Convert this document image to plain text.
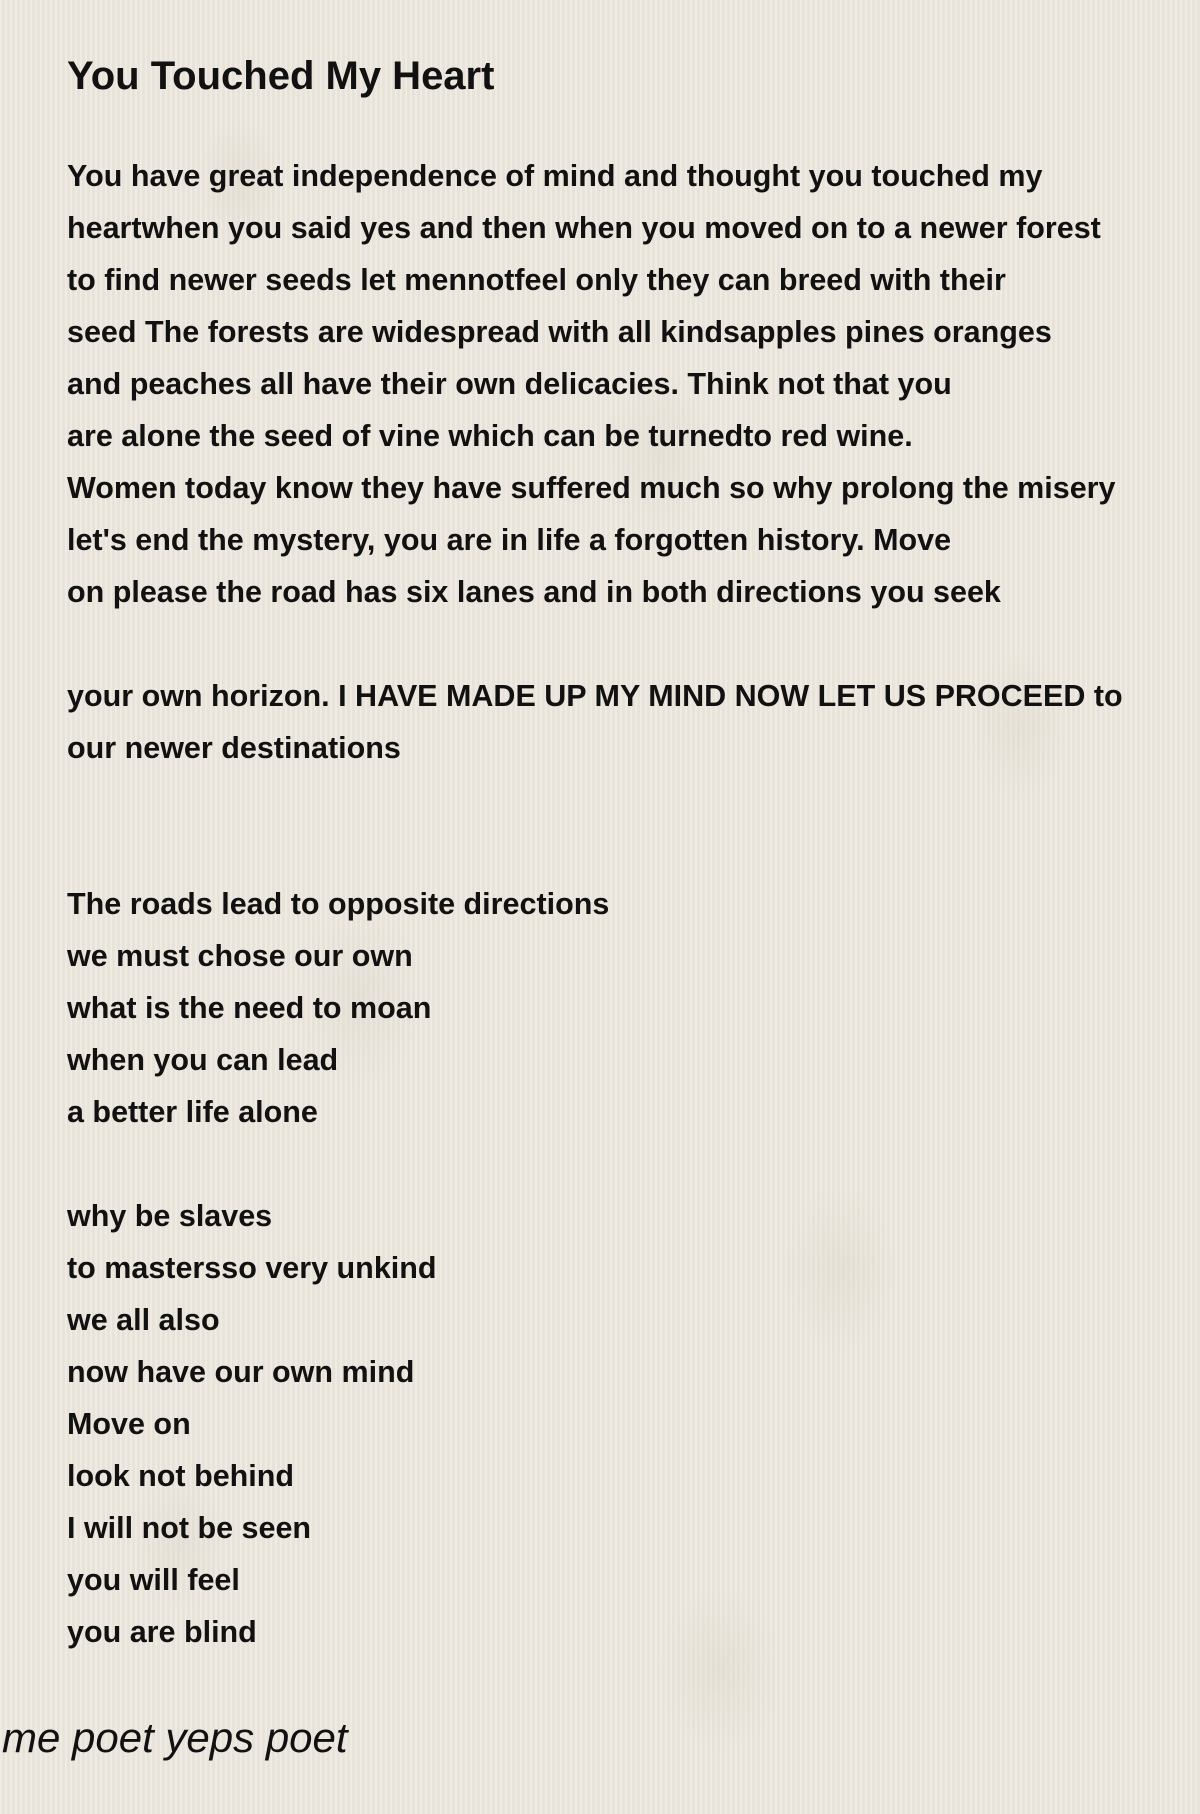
You Touched My Heart
You have great independence of mind and thought you touched my
heartwhen you said yes and then when you moved on to a newer forest
to find newer seeds let mennotfeel only they can breed with their
seed The forests are widespread with all kindsapples pines oranges
and peaches all have their own delicacies. Think not that you
are alone the seed of vine which can be turnedto red wine.
Women today know they have suffered much so why prolong the misery
let's end the mystery, you are in life a forgotten history. Move
on please the road has six lanes and in both directions you seek
your own horizon. I HAVE MADE UP MY MIND NOW LET US PROCEED to
our newer destinations
The roads lead to opposite directions
we must chose our own
what is the need to moan
when you can lead
a better life alone
why be slaves
to mastersso very unkind
we all also
now have our own mind
Move on
look not behind
I will not be seen
you will feel
you are blind
me poet yeps poet
